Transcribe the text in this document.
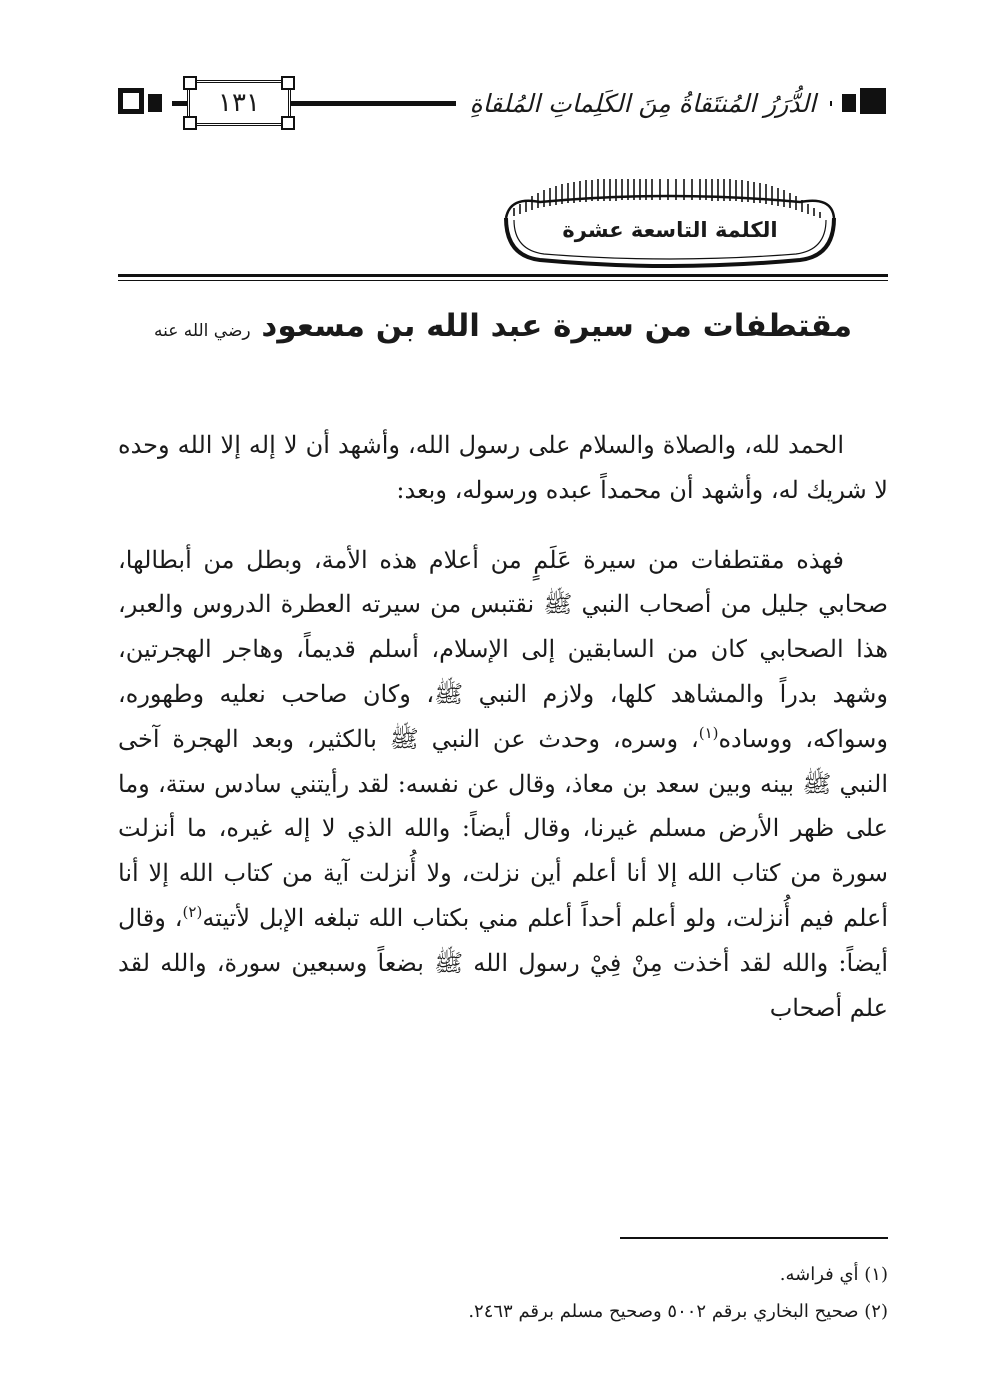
١٣١	الدُّرَرُ المُنتَقاةُ مِنَ الكَلِماتِ المُلقاةِ
الكلمة التاسعة عشرة
مقتطفات من سيرة عبد الله بن مسعود رضي الله عنه

الحمد لله، والصلاة والسلام على رسول الله، وأشهد أن لا إله إلا الله وحده لا شريك له، وأشهد أن محمداً عبده ورسوله، وبعد:

فهذه مقتطفات من سيرة عَلَمٍ من أعلام هذه الأمة، وبطل من أبطالها، صحابي جليل من أصحاب النبي ﷺ نقتبس من سيرته العطرة الدروس والعبر، هذا الصحابي كان من السابقين إلى الإسلام، أسلم قديماً، وهاجر الهجرتين، وشهد بدراً والمشاهد كلها، ولازم النبي ﷺ، وكان صاحب نعليه وطهوره، وسواكه، ووساده$^{(١)}$، وسره، وحدث عن النبي ﷺ بالكثير، وبعد الهجرة آخى النبي ﷺ بينه وبين سعد بن معاذ، وقال عن نفسه: لقد رأيتني سادس ستة، وما على ظهر الأرض مسلم غيرنا، وقال أيضاً: والله الذي لا إله غيره، ما أنزلت سورة من كتاب الله إلا أنا أعلم أين نزلت، ولا أُنزلت آية من كتاب الله إلا أنا أعلم فيم أُنزلت، ولو أعلم أحداً أعلم مني بكتاب الله تبلغه الإبل لأتيته$^{(٢)}$، وقال أيضاً: والله لقد أخذت مِنْ فِيْ رسول الله ﷺ بضعاً وسبعين سورة، والله لقد علم أصحاب

(١) أي فراشه.
(٢) صحيح البخاري برقم ٥٠٠٢ وصحيح مسلم برقم ٢٤٦٣.
